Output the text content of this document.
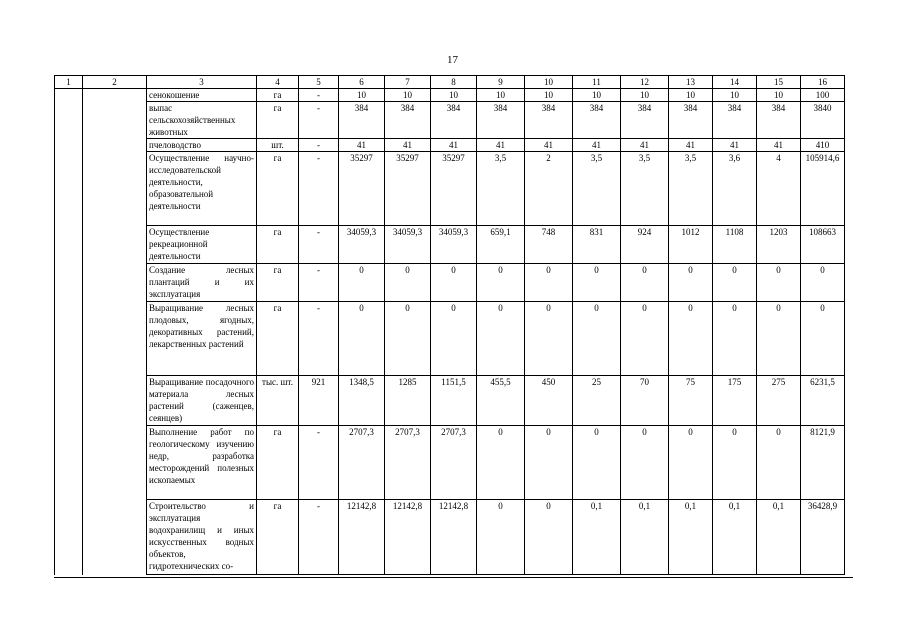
17
1	2	3	4	5	6	7	8	9	10	11	12	13	14	15	16
		сенокошение	га	-	10	10	10	10	10	10	10	10	10	10	100
		выпас сельскохозяйственных животных	га	-	384	384	384	384	384	384	384	384	384	384	3840
		пчеловодство	шт.	-	41	41	41	41	41	41	41	41	41	41	410
		Осуществление научно-исследовательской деятельности, образовательной деятельности	га	-	35297	35297	35297	3,5	2	3,5	3,5	3,5	3,6	4	105914,6
		Осуществление рекреационной деятельности	га	-	34059,3	34059,3	34059,3	659,1	748	831	924	1012	1108	1203	108663
		Создание лесных плантаций и их эксплуатация	га	-	0	0	0	0	0	0	0	0	0	0	0
		Выращивание лесных плодовых, ягодных, декоративных растений, лекарственных растений	га	-	0	0	0	0	0	0	0	0	0	0	0
		Выращивание посадочного материала лесных растений (саженцев, сеянцев)	тыс. шт.	921	1348,5	1285	1151,5	455,5	450	25	70	75	175	275	6231,5
		Выполнение работ по геологическому изучению недр, разработка месторождений полезных ископаемых	га	-	2707,3	2707,3	2707,3	0	0	0	0	0	0	0	8121,9
		Строительство и эксплуатация водохранилищ и иных искусственных водных объектов, гидротехнических со-	га	-	12142,8	12142,8	12142,8	0	0	0,1	0,1	0,1	0,1	0,1	36428,9
